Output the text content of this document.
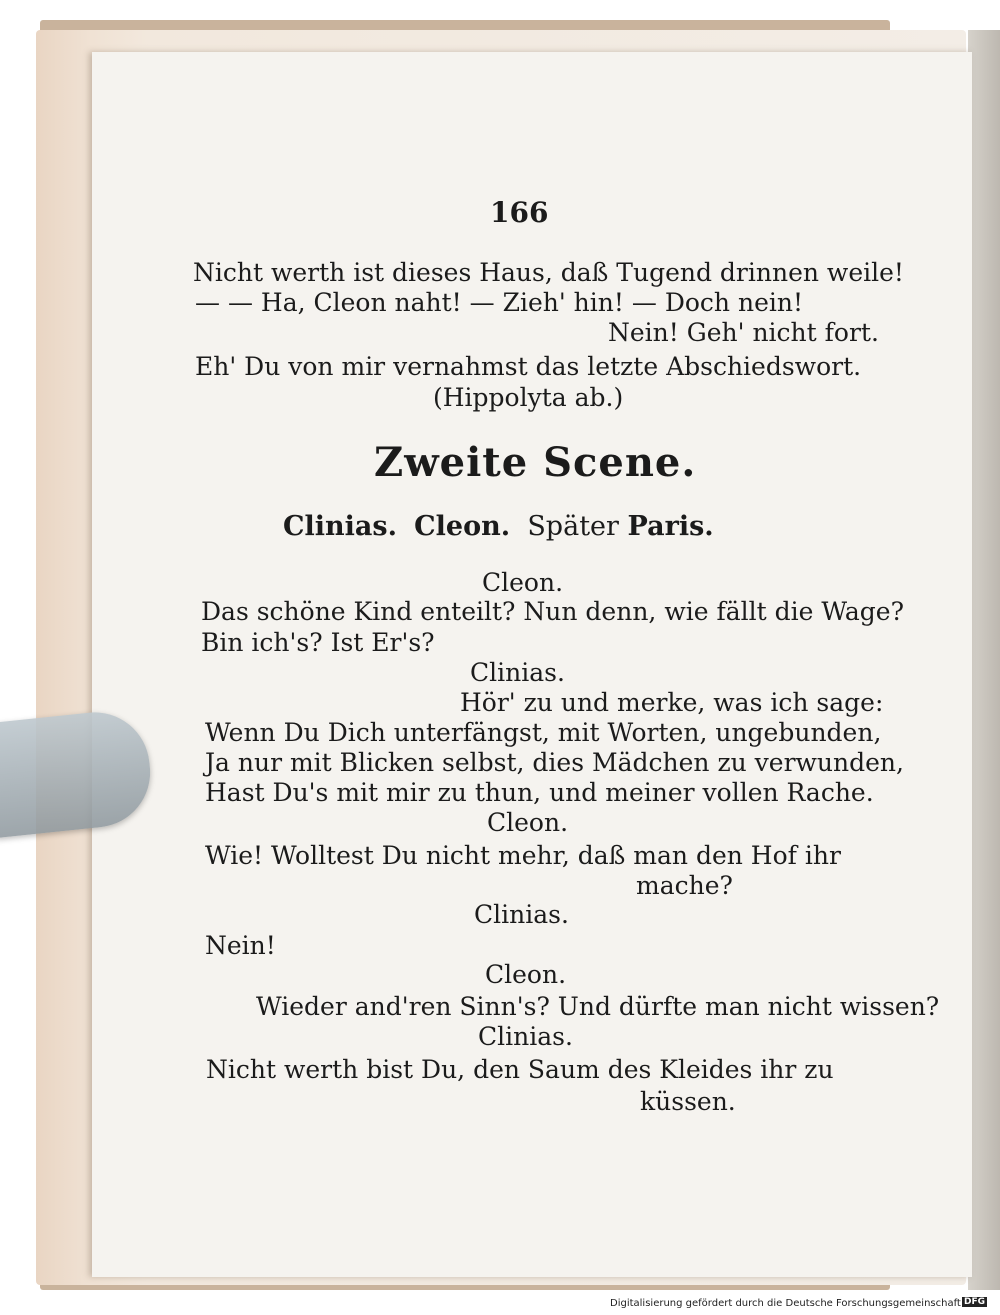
166
Nicht werth ist dieses Haus, daß Tugend drinnen weile!
— — Ha, Cleon naht! — Zieh' hin! — Doch nein!
Nein! Geh' nicht fort.
Eh' Du von mir vernahmst das letzte Abschiedswort.
(Hippolyta ab.)
Zweite Scene.
Clinias. Cleon. Später Paris.
Cleon.
Das schöne Kind enteilt? Nun denn, wie fällt die Wage?
Bin ich's? Ist Er's?
Clinias.
Hör' zu und merke, was ich sage:
Wenn Du Dich unterfängst, mit Worten, ungebunden,
Ja nur mit Blicken selbst, dies Mädchen zu verwunden,
Hast Du's mit mir zu thun, und meiner vollen Rache.
Cleon.
Wie! Wolltest Du nicht mehr, daß man den Hof ihr
mache?
Clinias.
Nein!
Cleon.
Wieder and'ren Sinn's? Und dürfte man nicht wissen?
Clinias.
Nicht werth bist Du, den Saum des Kleides ihr zu
küssen.
Digitalisierung gefördert durch die Deutsche Forschungsgemeinschaft DFG
